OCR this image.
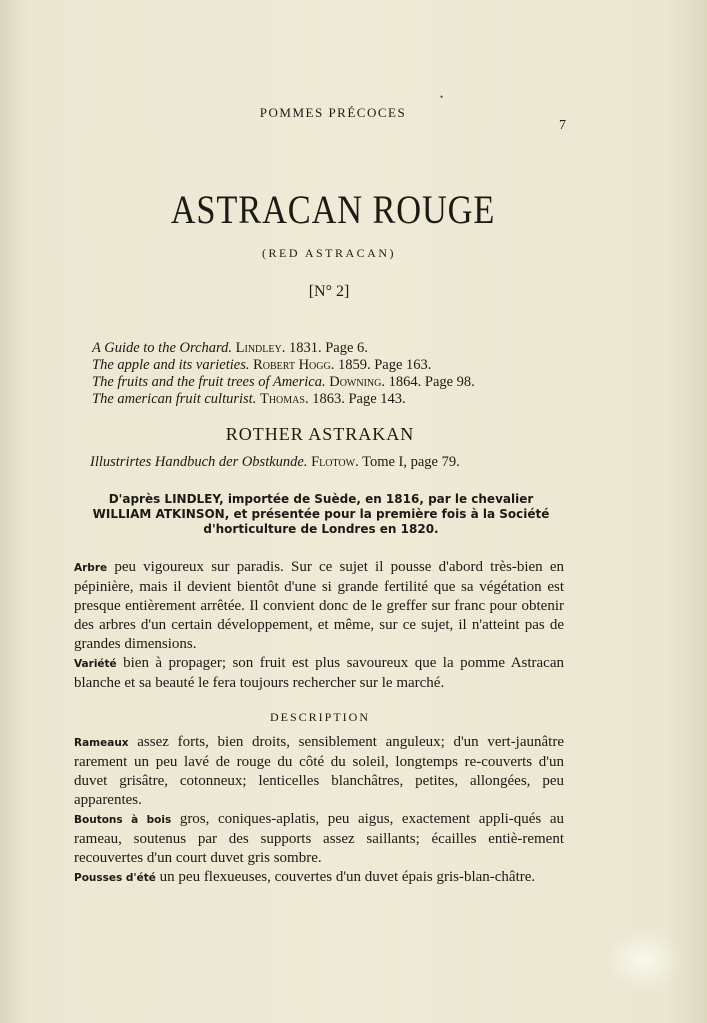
•
POMMES PRÉCOCES
7
ASTRACAN ROUGE
(RED ASTRACAN)
[N° 2]
A Guide to the Orchard. Lindley. 1831. Page 6.
The apple and its varieties. Robert Hogg. 1859. Page 163.
The fruits and the fruit trees of America. Downing. 1864. Page 98.
The american fruit culturist. Thomas. 1863. Page 143.
ROTHER ASTRAKAN
Illustrirtes Handbuch der Obstkunde. Flotow. Tome I, page 79.
D'après LINDLEY, importée de Suède, en 1816, par le chevalier WILLIAM ATKINSON, et présentée pour la première fois à la Société d'horticulture de Londres en 1820.

Arbre peu vigoureux sur paradis. Sur ce sujet il pousse d'abord très-bien en pépinière, mais il devient bientôt d'une si grande fertilité que sa végétation est presque entièrement arrêtée. Il convient donc de le greffer sur franc pour obtenir des arbres d'un certain développement, et même, sur ce sujet, il n'atteint pas de grandes dimensions.

Variété bien à propager; son fruit est plus savoureux que la pomme Astracan blanche et sa beauté le fera toujours rechercher sur le marché.

DESCRIPTION

Rameaux assez forts, bien droits, sensiblement anguleux; d'un vert-jaunâtre rarement un peu lavé de rouge du côté du soleil, longtemps re-couverts d'un duvet grisâtre, cotonneux; lenticelles blanchâtres, petites, allongées, peu apparentes.

Boutons à bois gros, coniques-aplatis, peu aigus, exactement appli-qués au rameau, soutenus par des supports assez saillants; écailles entiè-rement recouvertes d'un court duvet gris sombre.

Pousses d'été un peu flexueuses, couvertes d'un duvet épais gris-blan-châtre.
